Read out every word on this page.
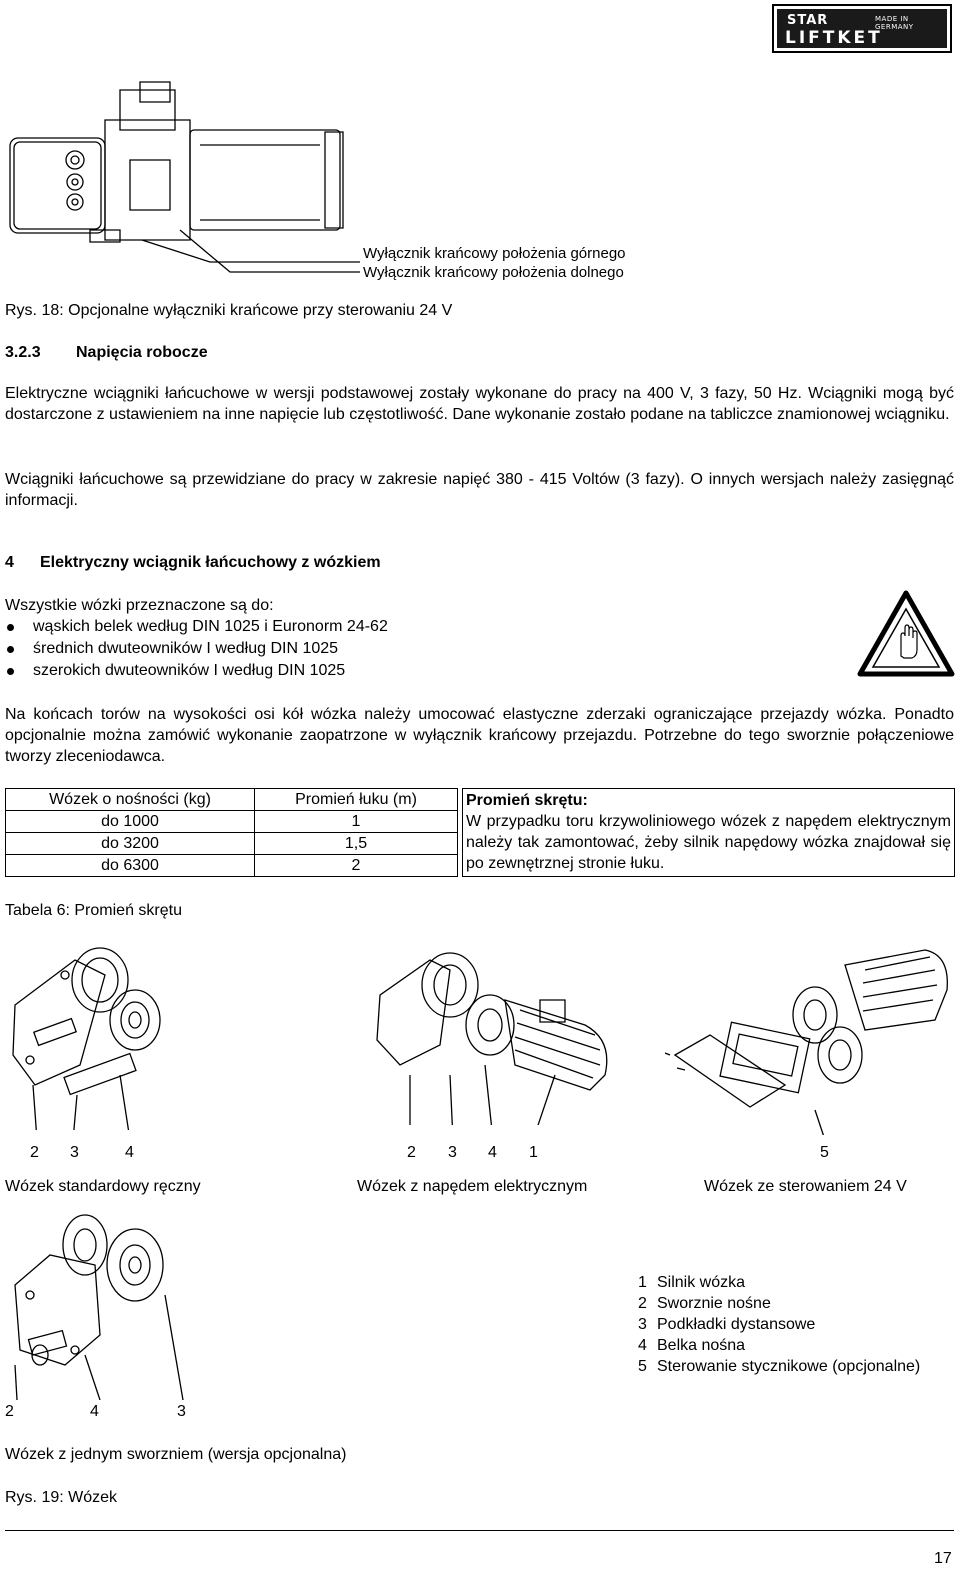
STAR	MADE IN GERMANY
LIFTKET
Wyłącznik krańcowy położenia górnego
Wyłącznik krańcowy położenia dolnego
Rys. 18: Opcjonalne wyłączniki krańcowe przy sterowaniu 24 V
3.2.3 Napięcia robocze
Elektryczne wciągniki łańcuchowe w wersji podstawowej zostały wykonane do pracy na 400 V, 3 fazy, 50 Hz. Wciągniki mogą być dostarczone z ustawieniem na inne napięcie lub częstotliwość. Dane wykonanie zostało podane na tabliczce znamionowej wciągniku.
Wciągniki łańcuchowe są przewidziane do pracy w zakresie napięć 380 - 415 Voltów (3 fazy). O innych wersjach należy zasięgnąć informacji.
4 Elektryczny wciągnik łańcuchowy z wózkiem
Wszystkie wózki przeznaczone są do:
wąskich belek według DIN 1025 i Euronorm 24-62
średnich dwuteowników I według DIN 1025
szerokich dwuteowników I według DIN 1025
Na końcach torów na wysokości osi kół wózka należy umocować elastyczne zderzaki ograniczające przejazdy wózka. Ponadto opcjonalnie można zamówić wykonanie zaopatrzone w wyłącznik krańcowy przejazdu. Potrzebne do tego sworznie połączeniowe tworzy zleceniodawca.
Wózek o nośności (kg)	Promień łuku (m)
do 1000	1
do 3200	1,5
do 6300	2
Promień skrętu:
W przypadku toru krzywoliniowego wózek z napędem elektrycznym należy tak zamontować, żeby silnik napędowy wózka znajdował się po zewnętrznej stronie łuku.
Tabela 6: Promień skrętu
2 3	4	2 3 4 1	5
Wózek standardowy ręczny	Wózek z napędem elektrycznym	Wózek ze sterowaniem 24 V
2	4	3
1 Silnik wózka
2 Sworznie nośne
3 Podkładki dystansowe
4 Belka nośna
5 Sterowanie stycznikowe (opcjonalne)
Wózek z jednym sworzniem (wersja opcjonalna)
Rys. 19: Wózek
17
